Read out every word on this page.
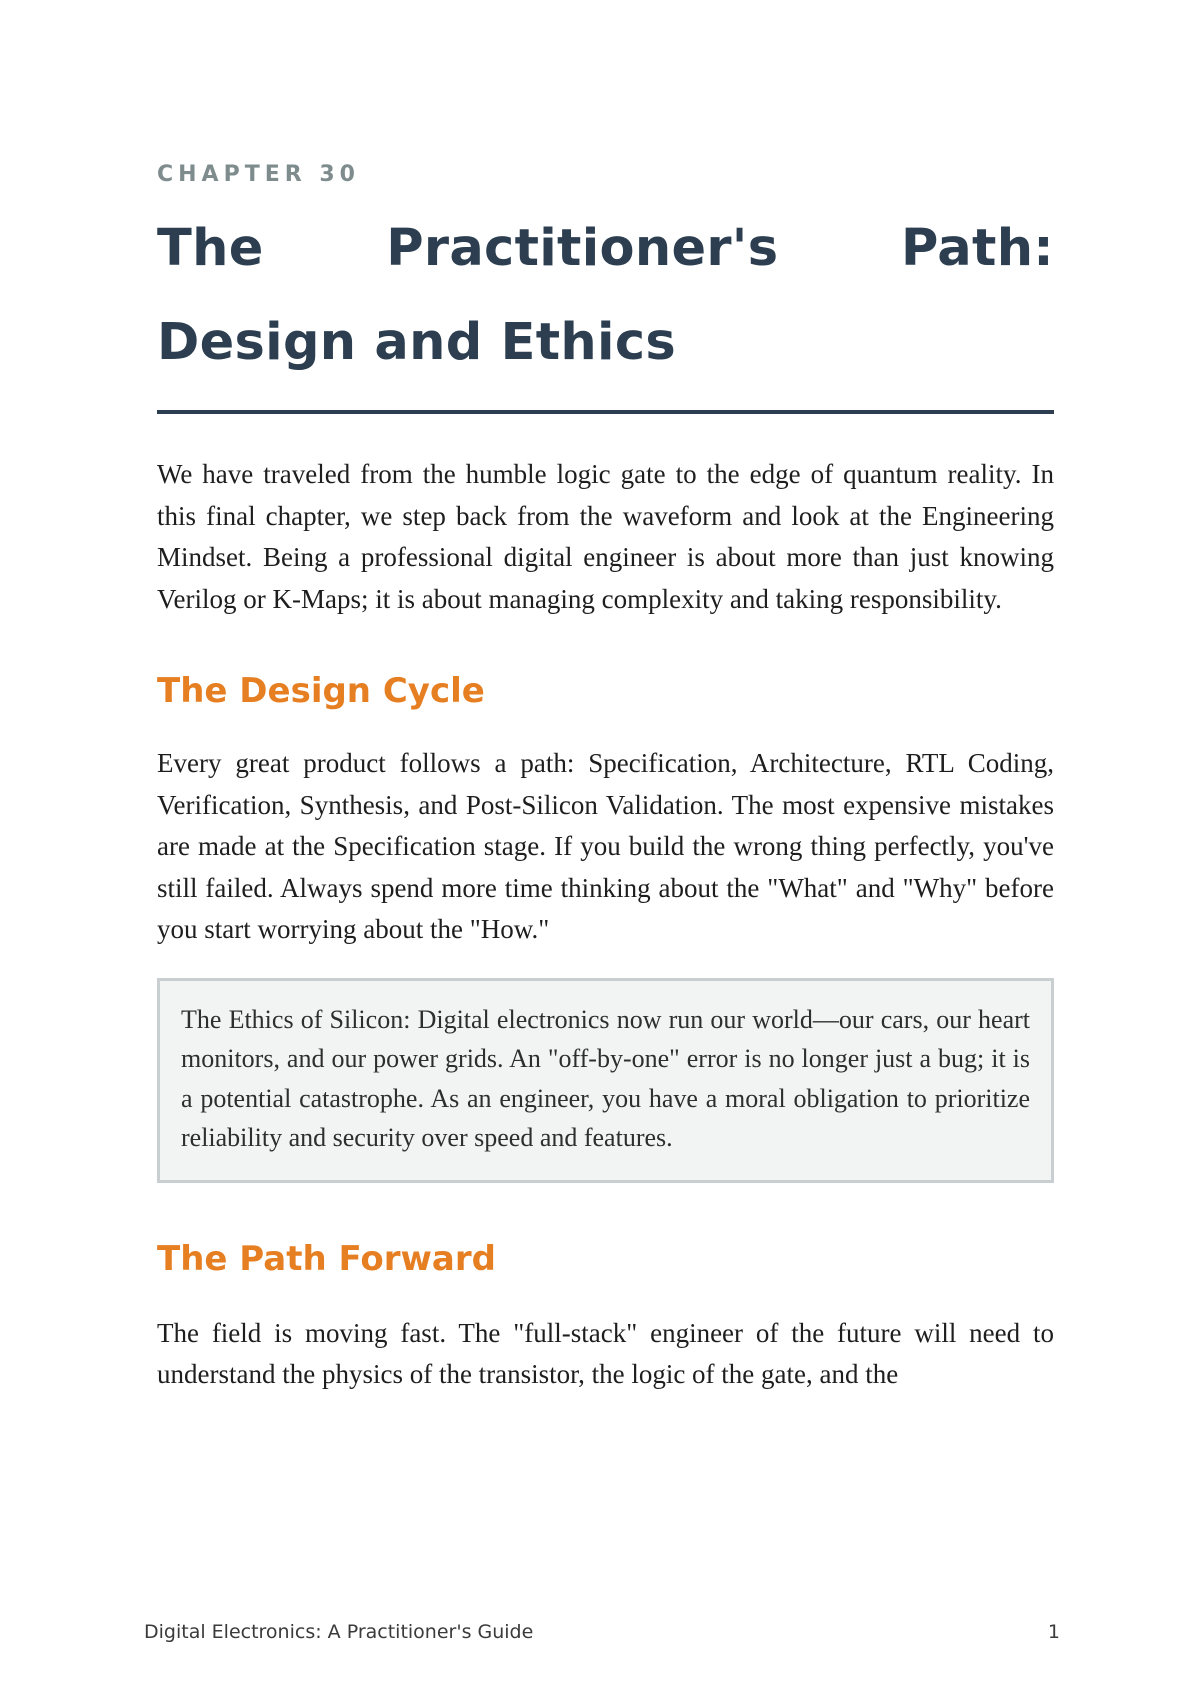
CHAPTER 30

The Practitioner's Path: Design and Ethics

We have traveled from the humble logic gate to the edge of quantum reality. In this final chapter, we step back from the waveform and look at the Engineering Mindset. Being a professional digital engineer is about more than just knowing Verilog or K-Maps; it is about managing complexity and taking responsibility.

The Design Cycle

Every great product follows a path: Specification, Architecture, RTL Coding, Verification, Synthesis, and Post-Silicon Validation. The most expensive mistakes are made at the Specification stage. If you build the wrong thing perfectly, you've still failed. Always spend more time thinking about the "What" and "Why" before you start worrying about the "How."

The Ethics of Silicon: Digital electronics now run our world—our cars, our heart monitors, and our power grids. An "off-by-one" error is no longer just a bug; it is a potential catastrophe. As an engineer, you have a moral obligation to prioritize reliability and security over speed and features.

The Path Forward

The field is moving fast. The "full-stack" engineer of the future will need to understand the physics of the transistor, the logic of the gate, and the

Digital Electronics: A Practitioner's Guide	1
